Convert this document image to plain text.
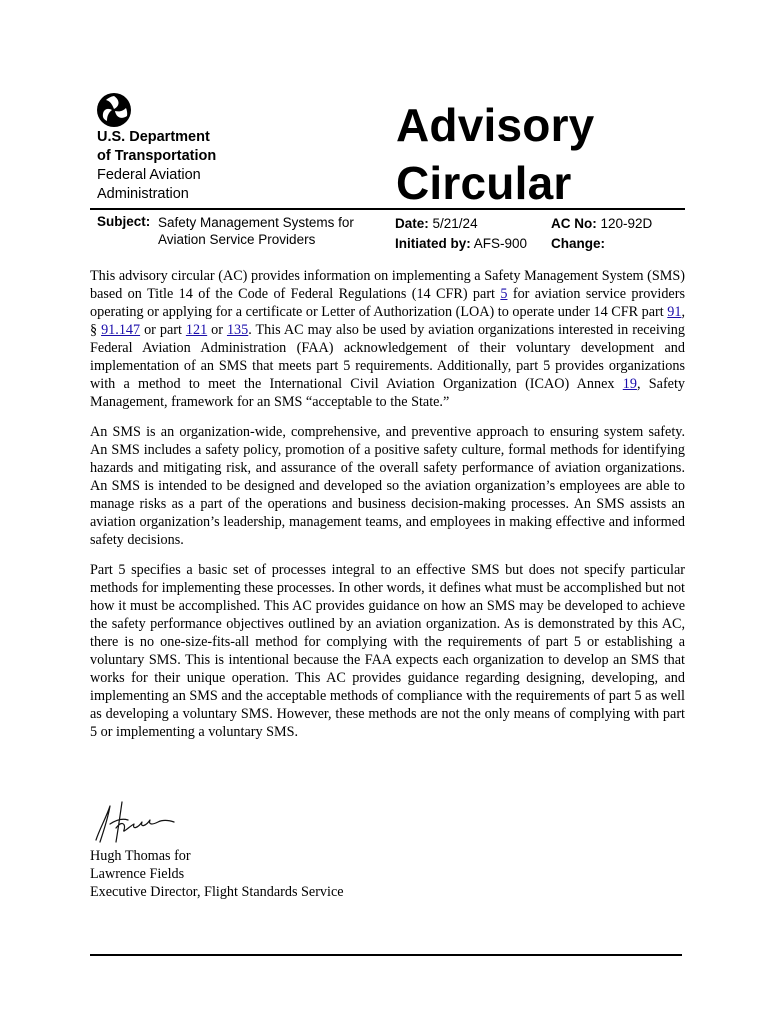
U.S. Department
of Transportation
Federal Aviation
Administration
Advisory
Circular
Subject: Safety Management Systems for
Aviation Service Providers
Date: 5/21/24
Initiated by: AFS-900
AC No: 120-92D
Change:

This advisory circular (AC) provides information on implementing a Safety Management System (SMS) based on Title 14 of the Code of Federal Regulations (14 CFR) part 5 for aviation service providers operating or applying for a certificate or Letter of Authorization (LOA) to operate under 14 CFR part 91, § 91.147 or part 121 or 135. This AC may also be used by aviation organizations interested in receiving Federal Aviation Administration (FAA) acknowledgement of their voluntary development and implementation of an SMS that meets part 5 requirements. Additionally, part 5 provides organizations with a method to meet the International Civil Aviation Organization (ICAO) Annex 19, Safety Management, framework for an SMS “acceptable to the State.”

An SMS is an organization-wide, comprehensive, and preventive approach to ensuring system safety. An SMS includes a safety policy, promotion of a positive safety culture, formal methods for identifying hazards and mitigating risk, and assurance of the overall safety performance of aviation organizations. An SMS is intended to be designed and developed so the aviation organization’s employees are able to manage risks as a part of the operations and business decision-making processes. An SMS assists an aviation organization’s leadership, management teams, and employees in making effective and informed safety decisions.

Part 5 specifies a basic set of processes integral to an effective SMS but does not specify particular methods for implementing these processes. In other words, it defines what must be accomplished but not how it must be accomplished. This AC provides guidance on how an SMS may be developed to achieve the safety performance objectives outlined by an aviation organization. As is demonstrated by this AC, there is no one-size-fits-all method for complying with the requirements of part 5 or establishing a voluntary SMS. This is intentional because the FAA expects each organization to develop an SMS that works for their unique operation. This AC provides guidance regarding designing, developing, and implementing an SMS and the acceptable methods of compliance with the requirements of part 5 as well as developing a voluntary SMS. However, these methods are not the only means of complying with part 5 or implementing a voluntary SMS.

Hugh Thomas for
Lawrence Fields
Executive Director, Flight Standards Service
